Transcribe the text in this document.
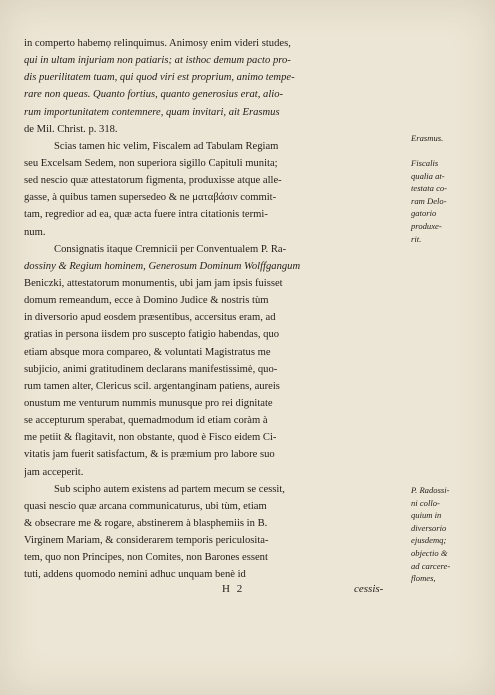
in comperto habemọ relinquimus. Animosy enim videri studes,
qui in ultam injuriam non patiaris; at isthoc demum pacto pro-
dis puerilitatem tuam, qui quod viri est proprium, animo tempe-
rare non queas. Quanto fortius, quanto generosius erat, alio-
rum importunitatem contemnere, quam invitari, ait Erasmus
de Mil. Christ. p. 318.

Scias tamen hic velim, Fiscalem ad Tabulam Regiam
seu Excelsam Sedem, non superiora sigillo Capituli munita;
sed nescio quæ attestatorum figmenta, produxisse atque alle-
gasse, à quibus tamen supersedeo & ne ματαβάσιν commit-
tam, regredior ad ea, quæ acta fuere intra citationis termi-
num.

Consignatis itaque Cremnicii per Conventualem P. Ra-
dossiny & Regium hominem, Generosum Dominum Wolffgangum
Beniczki, attestatorum monumentis, ubi jam jam ipsis fuisset
domum remeandum, ecce à Domino Judice & nostris tùm
in diversorio apud eosdem præsentibus, accersitus eram, ad
gratias in persona iisdem pro suscepto fatigio habendas, quo
etiam absque mora compareo, & voluntati Magistratus me
subjicio, animi gratitudinem declarans manifestissimè, quo-
rum tamen alter, Clericus scil. argentanginam patiens, aureis
onustum me venturum nummis munusque pro rei dignitate
se accepturum sperabat, quemadmodum id etiam coràm à
me petiit & flagitavit, non obstante, quod è Fisco eidem Ci-
vitatis jam fuerit satisfactum, & is præmium pro labore suo
jam acceperit.

Sub scipho autem existens ad partem mecum se cessit,
quasi nescio quæ arcana communicaturus, ubi tùm, etiam
& obsecrare me & rogare, abstinerem à blasphemiis in B.
Virginem Mariam, & considerarem temporis periculosita-
tem, quo non Principes, non Comites, non Barones essent
tuti, addens quomodo nemini adhuc unquam benè id

Erasmus.
Fiscalis
qualia at-
testata co-
ram Delo-
gatorio
produxe-
rit.
P. Radossi-
ni collo-
quium in
diversorio
ejusdemq;
objectio &
ad carcere-
flomes,
H 2	cessis-
